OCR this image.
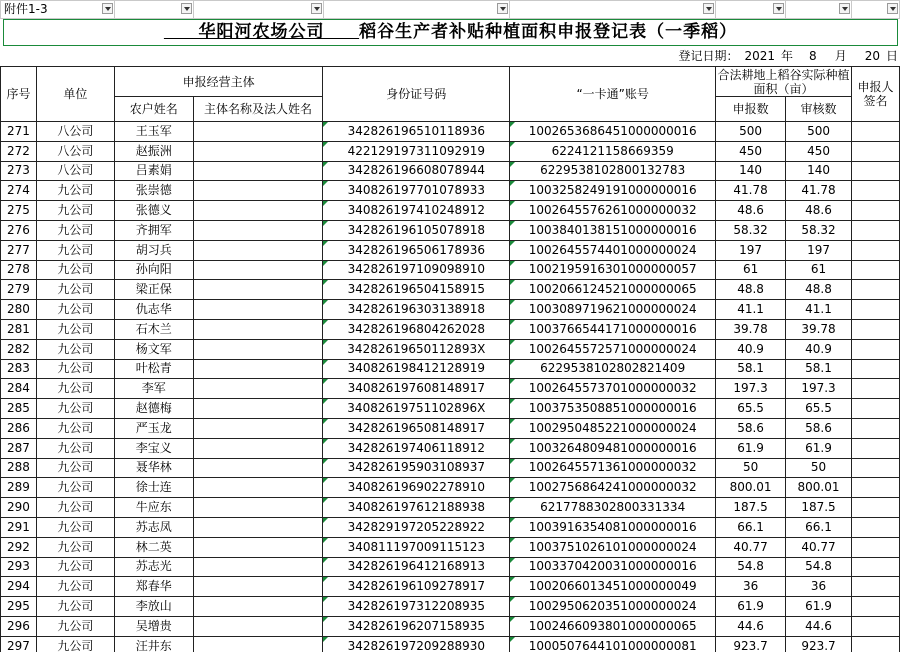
附件1-3

华阳河农场公司 稻谷生产者补贴种植面积申报登记表（一季稻）
登记日期： 2021 年 8 月 20 日
序号	单位	申报经营主体		身份证号码	“一卡通”账号	合法耕地上稻谷实际种植面积（亩）		申报人签名
		农户姓名	主体名称及法人姓名			申报数	审核数	
271	八公司	王玉军		342826196510118936	1002653686451000000016	500	500	
272	八公司	赵振洲		422129197311092919	6224121158669359	450	450	
273	八公司	吕素娟		342826196608078944	6229538102800132783	140	140	
274	九公司	张崇德		340826197701078933	1003258249191000000016	41.78	41.78	
275	九公司	张德义		340826197410248912	1002645576261000000032	48.6	48.6	
276	九公司	齐拥军		342826196105078918	1003840138151000000016	58.32	58.32	
277	九公司	胡习兵		342826196506178936	1002645574401000000024	197	197	
278	九公司	孙向阳		342826197109098910	1002195916301000000057	61	61	
279	九公司	梁正保		342826196504158915	1002066124521000000065	48.8	48.8	
280	九公司	仇志华		342826196303138918	1003089719621000000024	41.1	41.1	
281	九公司	石木兰		342826196804262028	1003766544171000000016	39.78	39.78	
282	九公司	杨文军		34282619650112893X	1002645572571000000024	40.9	40.9	
283	九公司	叶松青		340826198412128919	6229538102802821409	58.1	58.1	
284	九公司	李军		340826197608148917	1002645573701000000032	197.3	197.3	
285	九公司	赵德梅		34082619751102896X	1003753508851000000016	65.5	65.5	
286	九公司	严玉龙		342826196508148917	1002950485221000000024	58.6	58.6	
287	九公司	李宝义		342826197406118912	1003264809481000000016	61.9	61.9	
288	九公司	聂华林		342826195903108937	1002645571361000000032	50	50	
289	九公司	徐士连		340826196902278910	1002756864241000000032	800.01	800.01	
290	九公司	牛应东		340826197612188938	6217788302800331334	187.5	187.5	
291	九公司	苏志凤		342829197205228922	1003916354081000000016	66.1	66.1	
292	九公司	林二英		340811197009115123	1003751026101000000024	40.77	40.77	
293	九公司	苏志光		342826196412168913	1003370420031000000016	54.8	54.8	
294	九公司	郑春华		342826196109278917	1002066013451000000049	36	36	
295	九公司	李放山		342826197312208935	1002950620351000000024	61.9	61.9	
296	九公司	吴增贵		342826196207158935	1002466093801000000065	44.6	44.6	
297	九公司	汪井东		342826197209288930	1000507644101000000081	923.7	923.7	
